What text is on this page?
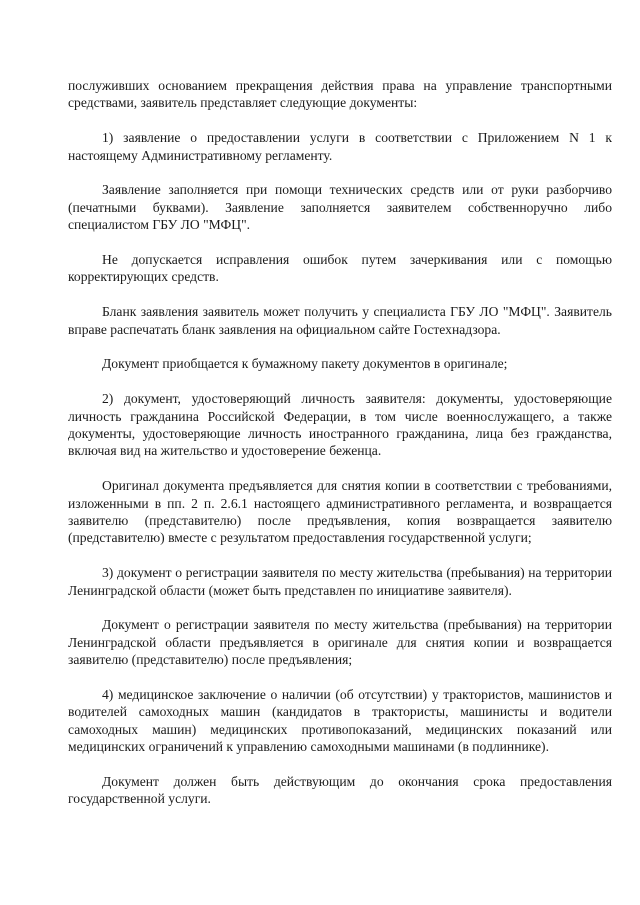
послуживших основанием прекращения действия права на управление транспортными средствами, заявитель представляет следующие документы:

1) заявление о предоставлении услуги в соответствии с Приложением N 1 к настоящему Административному регламенту.

Заявление заполняется при помощи технических средств или от руки разборчиво (печатными буквами). Заявление заполняется заявителем собственноручно либо специалистом ГБУ ЛО "МФЦ".

Не допускается исправления ошибок путем зачеркивания или с помощью корректирующих средств.

Бланк заявления заявитель может получить у специалиста ГБУ ЛО "МФЦ". Заявитель вправе распечатать бланк заявления на официальном сайте Гостехнадзора.

Документ приобщается к бумажному пакету документов в оригинале;

2) документ, удостоверяющий личность заявителя: документы, удостоверяющие личность гражданина Российской Федерации, в том числе военнослужащего, а также документы, удостоверяющие личность иностранного гражданина, лица без гражданства, включая вид на жительство и удостоверение беженца.

Оригинал документа предъявляется для снятия копии в соответствии с требованиями, изложенными в пп. 2 п. 2.6.1 настоящего административного регламента, и возвращается заявителю (представителю) после предъявления, копия возвращается заявителю (представителю) вместе с результатом предоставления государственной услуги;

3) документ о регистрации заявителя по месту жительства (пребывания) на территории Ленинградской области (может быть представлен по инициативе заявителя).

Документ о регистрации заявителя по месту жительства (пребывания) на территории Ленинградской области предъявляется в оригинале для снятия копии и возвращается заявителю (представителю) после предъявления;

4) медицинское заключение о наличии (об отсутствии) у трактористов, машинистов и водителей самоходных машин (кандидатов в трактористы, машинисты и водители самоходных машин) медицинских противопоказаний, медицинских показаний или медицинских ограничений к управлению самоходными машинами (в подлиннике).

Документ должен быть действующим до окончания срока предоставления государственной услуги.
